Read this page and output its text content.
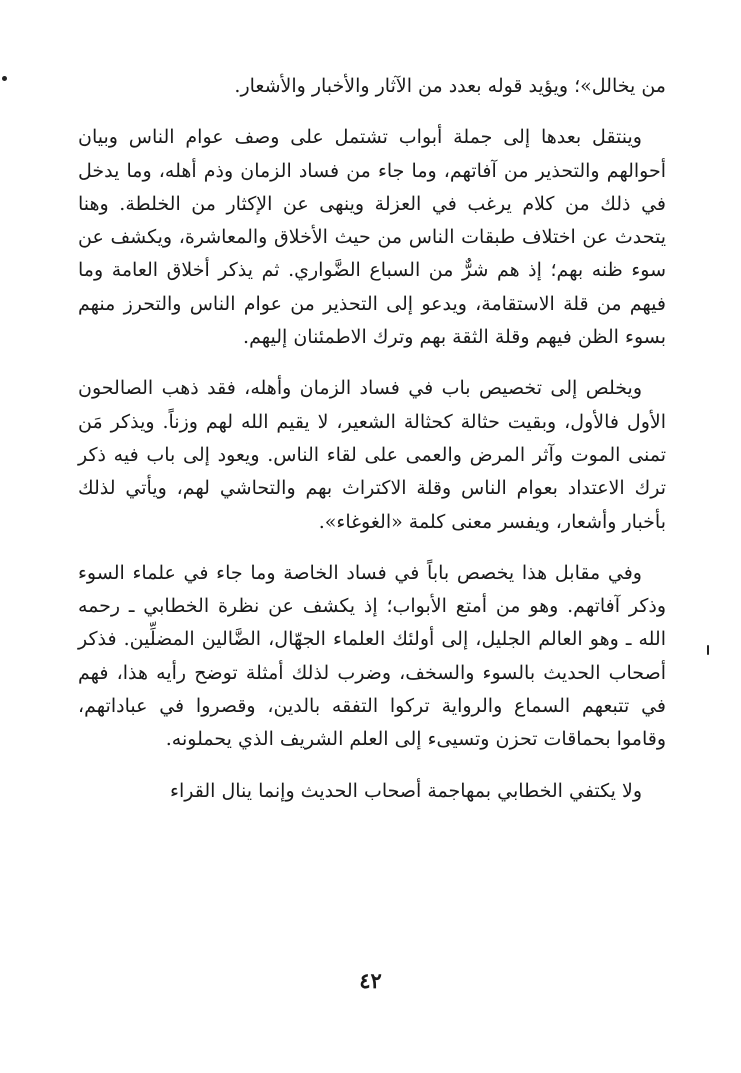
من يخالل»؛ ويؤيد قوله بعدد من الآثار والأخبار والأشعار.

وينتقل بعدها إلى جملة أبواب تشتمل على وصف عوام الناس وبيان أحوالهم والتحذير من آفاتهم، وما جاء من فساد الزمان وذم أهله، وما يدخل في ذلك من كلام يرغب في العزلة وينهى عن الإكثار من الخلطة. وهنا يتحدث عن اختلاف طبقات الناس من حيث الأخلاق والمعاشرة، ويكشف عن سوء ظنه بهم؛ إذ هم شرٌّ من السباع الضَّواري. ثم يذكر أخلاق العامة وما فيهم من قلة الاستقامة، ويدعو إلى التحذير من عوام الناس والتحرز منهم بسوء الظن فيهم وقلة الثقة بهم وترك الاطمئنان إليهم.

ويخلص إلى تخصيص باب في فساد الزمان وأهله، فقد ذهب الصالحون الأول فالأول، وبقيت حثالة كحثالة الشعير، لا يقيم الله لهم وزناً. ويذكر مَن تمنى الموت وآثر المرض والعمى على لقاء الناس. ويعود إلى باب فيه ذكر ترك الاعتداد بعوام الناس وقلة الاكتراث بهم والتحاشي لهم، ويأتي لذلك بأخبار وأشعار، ويفسر معنى كلمة «الغوغاء».

وفي مقابل هذا يخصص باباً في فساد الخاصة وما جاء في علماء السوء وذكر آفاتهم. وهو من أمتع الأبواب؛ إذ يكشف عن نظرة الخطابي ـ رحمه الله ـ وهو العالم الجليل، إلى أولئك العلماء الجهّال، الضَّالين المضلِّين. فذكر أصحاب الحديث بالسوء والسخف، وضرب لذلك أمثلة توضح رأيه هذا، فهم في تتبعهم السماع والرواية تركوا التفقه بالدين، وقصروا في عباداتهم، وقاموا بحماقات تحزن وتسيىء إلى العلم الشريف الذي يحملونه.

ولا يكتفي الخطابي بمهاجمة أصحاب الحديث وإنما ينال القراء

٤٢
